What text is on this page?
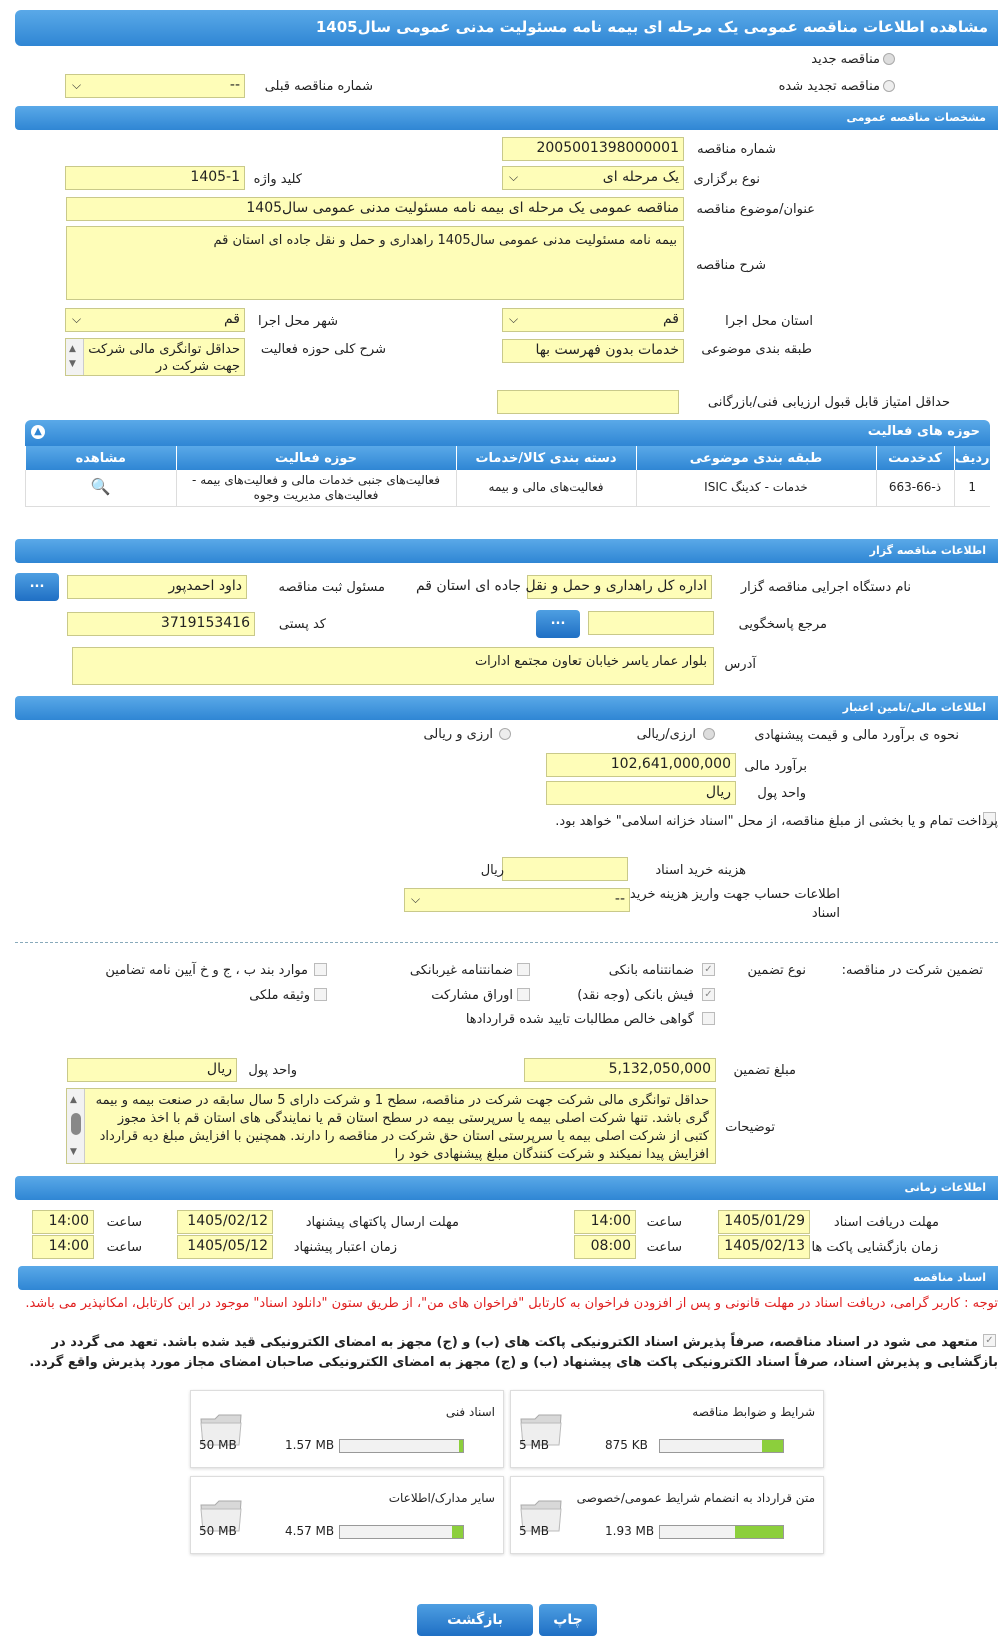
مشاهده اطلاعات مناقصه عمومی یک مرحله ای بیمه نامه مسئولیت مدنی عمومی سال1405
مناقصه جدید
مناقصه تجدید شده
شماره مناقصه قبلی
--
⌵
مشخصات مناقصه عمومی
شماره مناقصه
2005001398000001
نوع برگزاری
یک مرحله ای
⌵
کلید واژه
1405-1
عنوان/موضوع مناقصه
مناقصه عمومی یک مرحله ای بیمه نامه مسئولیت مدنی عمومی سال1405
شرح مناقصه
بیمه نامه مسئولیت مدنی عمومی سال1405 راهداری و حمل و نقل جاده ای استان قم
استان محل اجرا
قم
⌵
شهر محل اجرا
قم
⌵
طبقه بندی موضوعی
خدمات بدون فهرست بها
شرح کلی حوزه فعالیت
حداقل توانگری مالی شرکت جهت شرکت در
▲
▼
حداقل امتیاز قابل قبول ارزیابی فنی/بازرگانی
حوزه های فعالیت
▲
ردیف	کدخدمت	طبقه بندی موضوعی	دسته بندی کالا/خدمات	حوزه فعالیت	مشاهده
1	ذ-66-663	خدمات - کدینگ ISIC	فعالیت‌های مالی و بیمه	فعالیت‌های جنبی خدمات مالی و فعالیت‌های بیمه - فعالیت‌های مدیریت وجوه	🔍
اطلاعات مناقصه گزار
نام دستگاه اجرایی مناقصه گزار
اداره کل راهداری و حمل و نقل جاده ای استان قم
مسئول ثبت مناقصه
داود احمدپور
...
مرجع پاسخگویی
...
کد پستی
3719153416
آدرس
بلوار عمار یاسر خیابان تعاون مجتمع ادارات
اطلاعات مالی/تامین اعتبار
نحوه ی برآورد مالی و قیمت پیشنهادی
ارزی/ریالی
ارزی و ریالی
برآورد مالی
102,641,000,000
واحد پول
ریال
پرداخت تمام و یا بخشی از مبلغ مناقصه، از محل "اسناد خزانه اسلامی" خواهد بود.
هزینه خرید اسناد
ریال
اطلاعات حساب جهت واریز هزینه خرید اسناد
--
⌵
تضمین شرکت در مناقصه:
نوع تضمین
✓
ضمانتنامه بانکی
ضمانتنامه غیربانکی
موارد بند ب ، ج و خ آیین نامه تضامین
✓
فیش بانکی (وجه نقد)
اوراق مشارکت
وثیقه ملکی
گواهی خالص مطالبات تایید شده قراردادها
مبلغ تضمین
5,132,050,000
واحد پول
ریال
توضیحات
حداقل توانگری مالی شرکت جهت شرکت در مناقصه، سطح 1 و شرکت دارای 5 سال سابقه در صنعت بیمه و بیمه گری باشد. تنها شرکت اصلی بیمه یا سرپرستی بیمه در سطح استان قم یا نمایندگی های استان قم با اخذ مجوز کتبی از شرکت اصلی بیمه یا سرپرستی استان حق شرکت در مناقصه را دارند. همچنین با افزایش مبلغ دیه قرارداد افزایش پیدا نمیکند و شرکت کنندگان مبلغ پیشنهادی خود را
▲
▼
اطلاعات زمانی
مهلت دریافت اسناد
1405/01/29
ساعت
14:00
مهلت ارسال پاکتهای پیشنهاد
1405/02/12
ساعت
14:00
زمان بازگشایی پاکت ها
1405/02/13
ساعت
08:00
زمان اعتبار پیشنهاد
1405/05/12
ساعت
14:00
اسناد مناقصه
توجه : کاربر گرامی، دریافت اسناد در مهلت قانونی و پس از افزودن فراخوان به کارتابل "فراخوان های من"، از طریق ستون "دانلود اسناد" موجود در این کارتابل، امکانپذیر می باشد.
✓
متعهد می شود در اسناد مناقصه، صرفاً پذیرش اسناد الکترونیکی پاکت های (ب) و (ج) مجهز به امضای الکترونیکی قید شده باشد. تعهد می گردد در بازگشایی و پذیرش اسناد، صرفاً اسناد الکترونیکی پاکت های پیشنهاد (ب) و (ج) مجهز به امضای الکترونیکی صاحبان امضای مجاز مورد پذیرش واقع گردد.
شرایط و ضوابط مناقصه
5 MB	875 KB
اسناد فنی
50 MB	1.57 MB
متن قرارداد به انضمام شرایط عمومی/خصوصی
5 MB	1.93 MB
سایر مدارک/اطلاعات
50 MB	4.57 MB
چاپ
بازگشت
